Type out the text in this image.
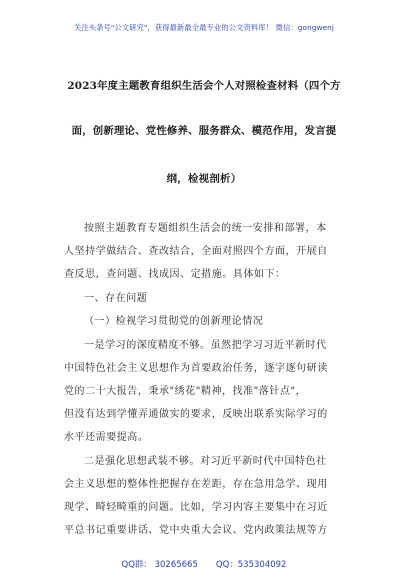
关注头条号"公文研究"，获得最新最全最专业的公文资料库！ 微信：gongwenj
2023年度主题教育组织生活会个人对照检查材料（四个方
面，创新理论、党性修养、服务群众、模范作用，发言提
纲，检视剖析）
按照主题教育专题组织生活会的统一安排和部署，本
人坚持学做结合、查改结合，全面对照四个方面，开展自
查反思，查问题、找成因、定措施。具体如下：
一、存在问题
（一）检视学习贯彻党的创新理论情况
一是学习的深度精度不够。虽然把学习习近平新时代
中国特色社会主义思想作为首要政治任务，逐字逐句研读
党的二十大报告，秉承"绣花"精神，找准"落针点"，
但没有达到学懂弄通做实的要求，反映出联系实际学习的
水平还需要提高。
二是强化思想武装不够。对习近平新时代中国特色社
会主义思想的整体性把握存在差距，存在急用急学、现用
现学、畸轻畸重的问题。比如，学习内容主要集中在习近
平总书记重要讲话、党中央重大会议、党内政策法规等方
QQ群： 30265665 QQ：535304092
